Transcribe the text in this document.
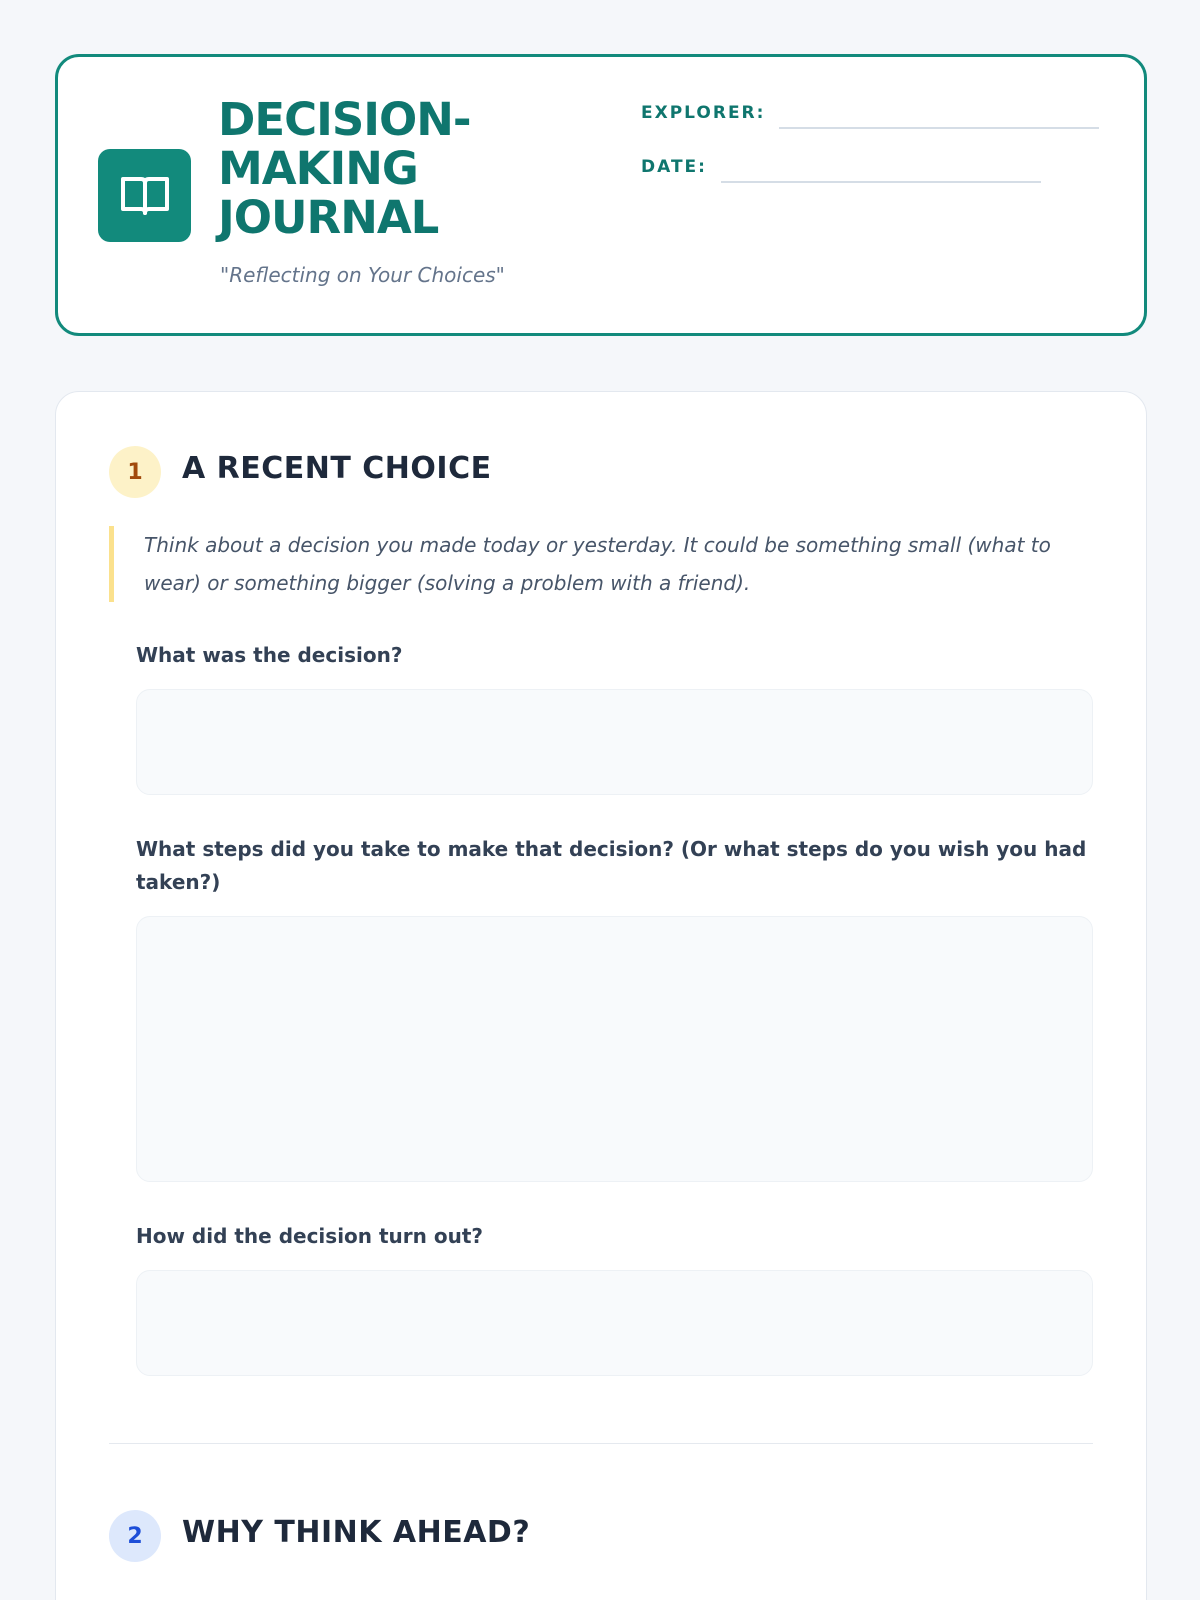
DECISION-MAKING JOURNAL
"Reflecting on Your Choices"
EXPLORER:
DATE:
1	A RECENT CHOICE
Think about a decision you made today or yesterday. It could be something small (what to wear) or something bigger (solving a problem with a friend).
What was the decision?
What steps did you take to make that decision? (Or what steps do you wish you had taken?)
How did the decision turn out?
2	WHY THINK AHEAD?
